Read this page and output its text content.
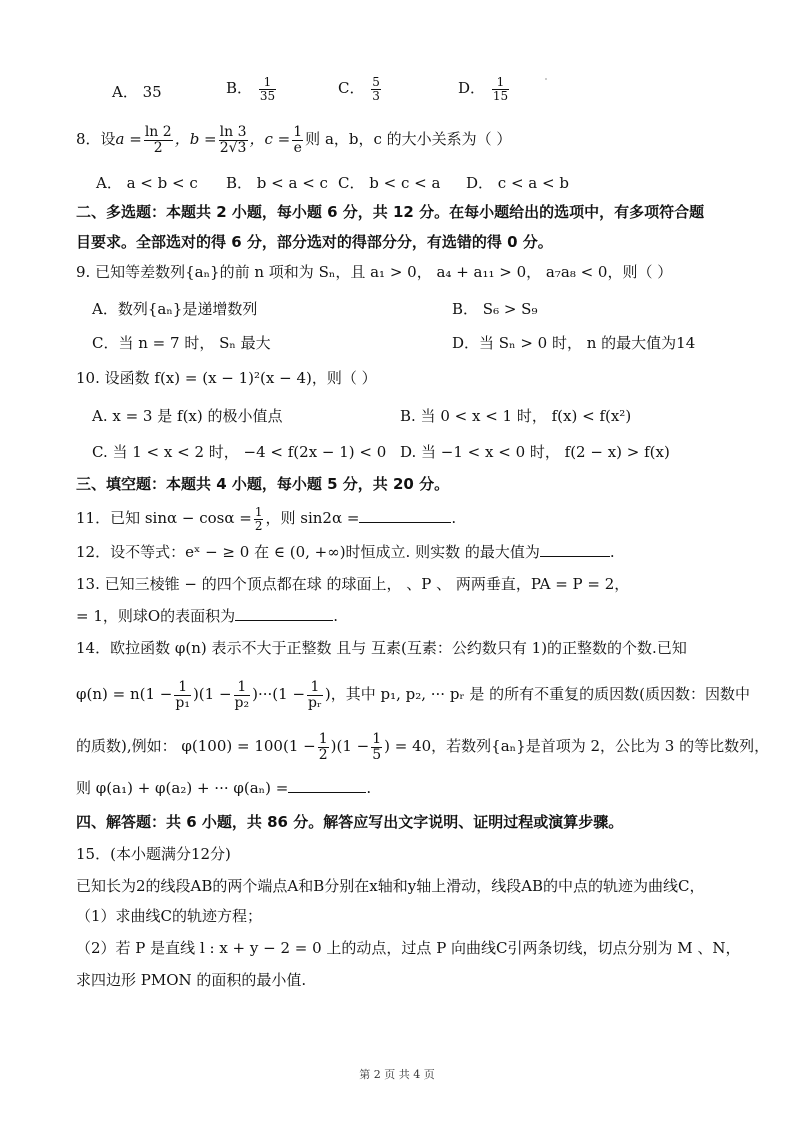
A． 35	B． $\frac{1}{35}$	C． $\frac{5}{3}$	D． $\frac{1}{15}$
8．设$a = \frac{\ln 2}{2}$ ，$b = \frac{\ln 3}{2√3}$ ，$c = \frac{1}{e}$ 则 a，b，c 的大小关系为（ ）
A． a < b < c B． b < a < c C． b < c < a D． c < a < b
二、多选题：本题共 2 小题，每小题 6 分，共 12 分。在每小题给出的选项中，有多项符合题
目要求。全部选对的得 6 分，部分选对的得部分分，有选错的得 0 分。
9. 已知等差数列{aₙ}的前 n 项和为 Sₙ，且 a₁ > 0， a₄ + a₁₁ > 0， a₇a₈ < 0，则（ ）
A．数列{aₙ}是递增数列	B． S₆ > S₉
C．当 n = 7 时， Sₙ 最大	D．当 Sₙ > 0 时， n 的最大值为14
10. 设函数 f(x) = (x − 1)²(x − 4)，则（ ）
A. x = 3 是 f(x) 的极小值点	B. 当 0 < x < 1 时， f(x) < f(x²)
C. 当 1 < x < 2 时， −4 < f(2x − 1) < 0 D. 当 −1 < x < 0 时， f(2 − x) > f(x)
三、填空题：本题共 4 小题，每小题 5 分，共 20 分。
11．已知 $\sin\alpha - \cos\alpha = \frac{1}{2}$ ，则 sin2α =	.
12．设不等式：eˣ − ≥ 0 在 ∈ (0, +∞)时恒成立. 则实数 的最大值为	.
13. 已知三棱锥 − 的四个顶点都在球 的球面上， 、P 、 两两垂直，PA = P = 2，
= 1，则球O的表面积为	.
14．欧拉函数 φ(n) 表示不大于正整数 且与 互素(互素：公约数只有 1)的正整数的个数.已知
$\varphi(n) = n(1 - \frac{1}{\text{p₁}} )(1 - \frac{1}{\text{p₂}} )\cdot\cdot\cdot(1 - \frac{1}{\text{pᵣ}}$ )，其中 p₁, p₂, ··· pᵣ 是 的所有不重复的质因数(质因数：因数中
的质数),例如： $\varphi(100) = 100(1 - \frac{1}{2} )(1 - \frac{1}{5}$ ) = 40，若数列{aₙ}是首项为 2，公比为 3 的等比数列，
则 φ(a₁) + φ(a₂) + ··· φ(aₙ) =	.
四、解答题：共 6 小题，共 86 分。解答应写出文字说明、证明过程或演算步骤。
15．(本小题满分12分)
已知长为2的线段AB的两个端点A和B分别在x轴和y轴上滑动，线段AB的中点的轨迹为曲线C，
（1）求曲线C的轨迹方程；
（2）若 P 是直线 l : x + y − 2 = 0 上的动点，过点 P 向曲线C引两条切线，切点分别为 M 、N，
求四边形 PMON 的面积的最小值.
第 2 页 共 4 页
